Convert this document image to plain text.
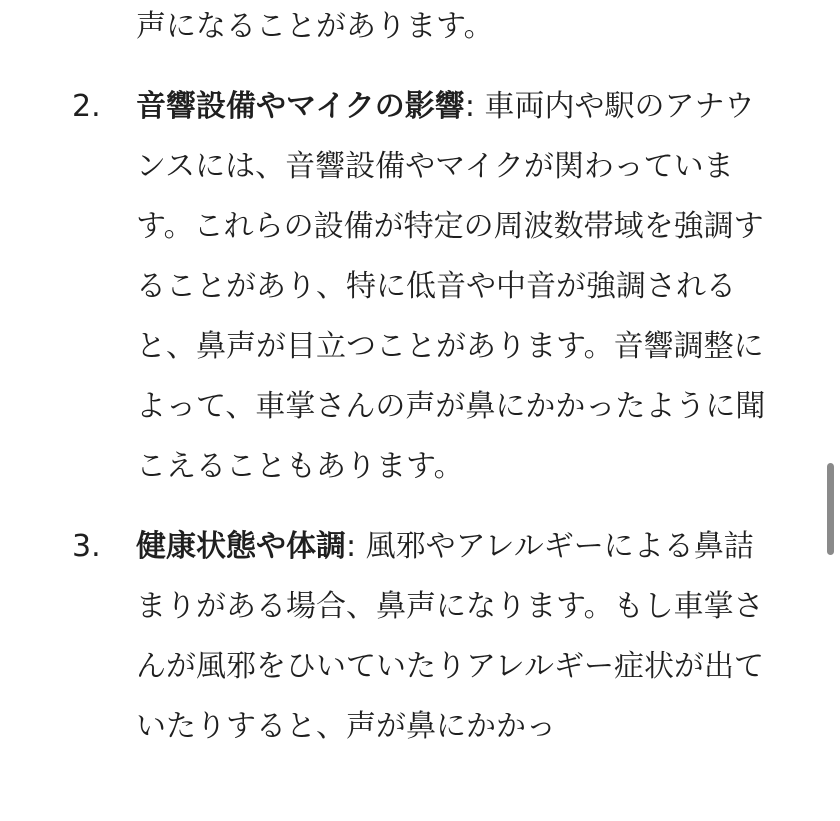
声になることがあります。

2. 音響設備やマイクの影響: 車両内や駅のアナウンスには、音響設備やマイクが関わっています。これらの設備が特定の周波数帯域を強調することがあり、特に低音や中音が強調されると、鼻声が目立つことがあります。音響調整によって、車掌さんの声が鼻にかかったように聞こえることもあります。
3. 健康状態や体調: 風邪やアレルギーによる鼻詰まりがある場合、鼻声になります。もし車掌さんが風邪をひいていたりアレルギー症状が出ていたりすると、声が鼻にかかっ
